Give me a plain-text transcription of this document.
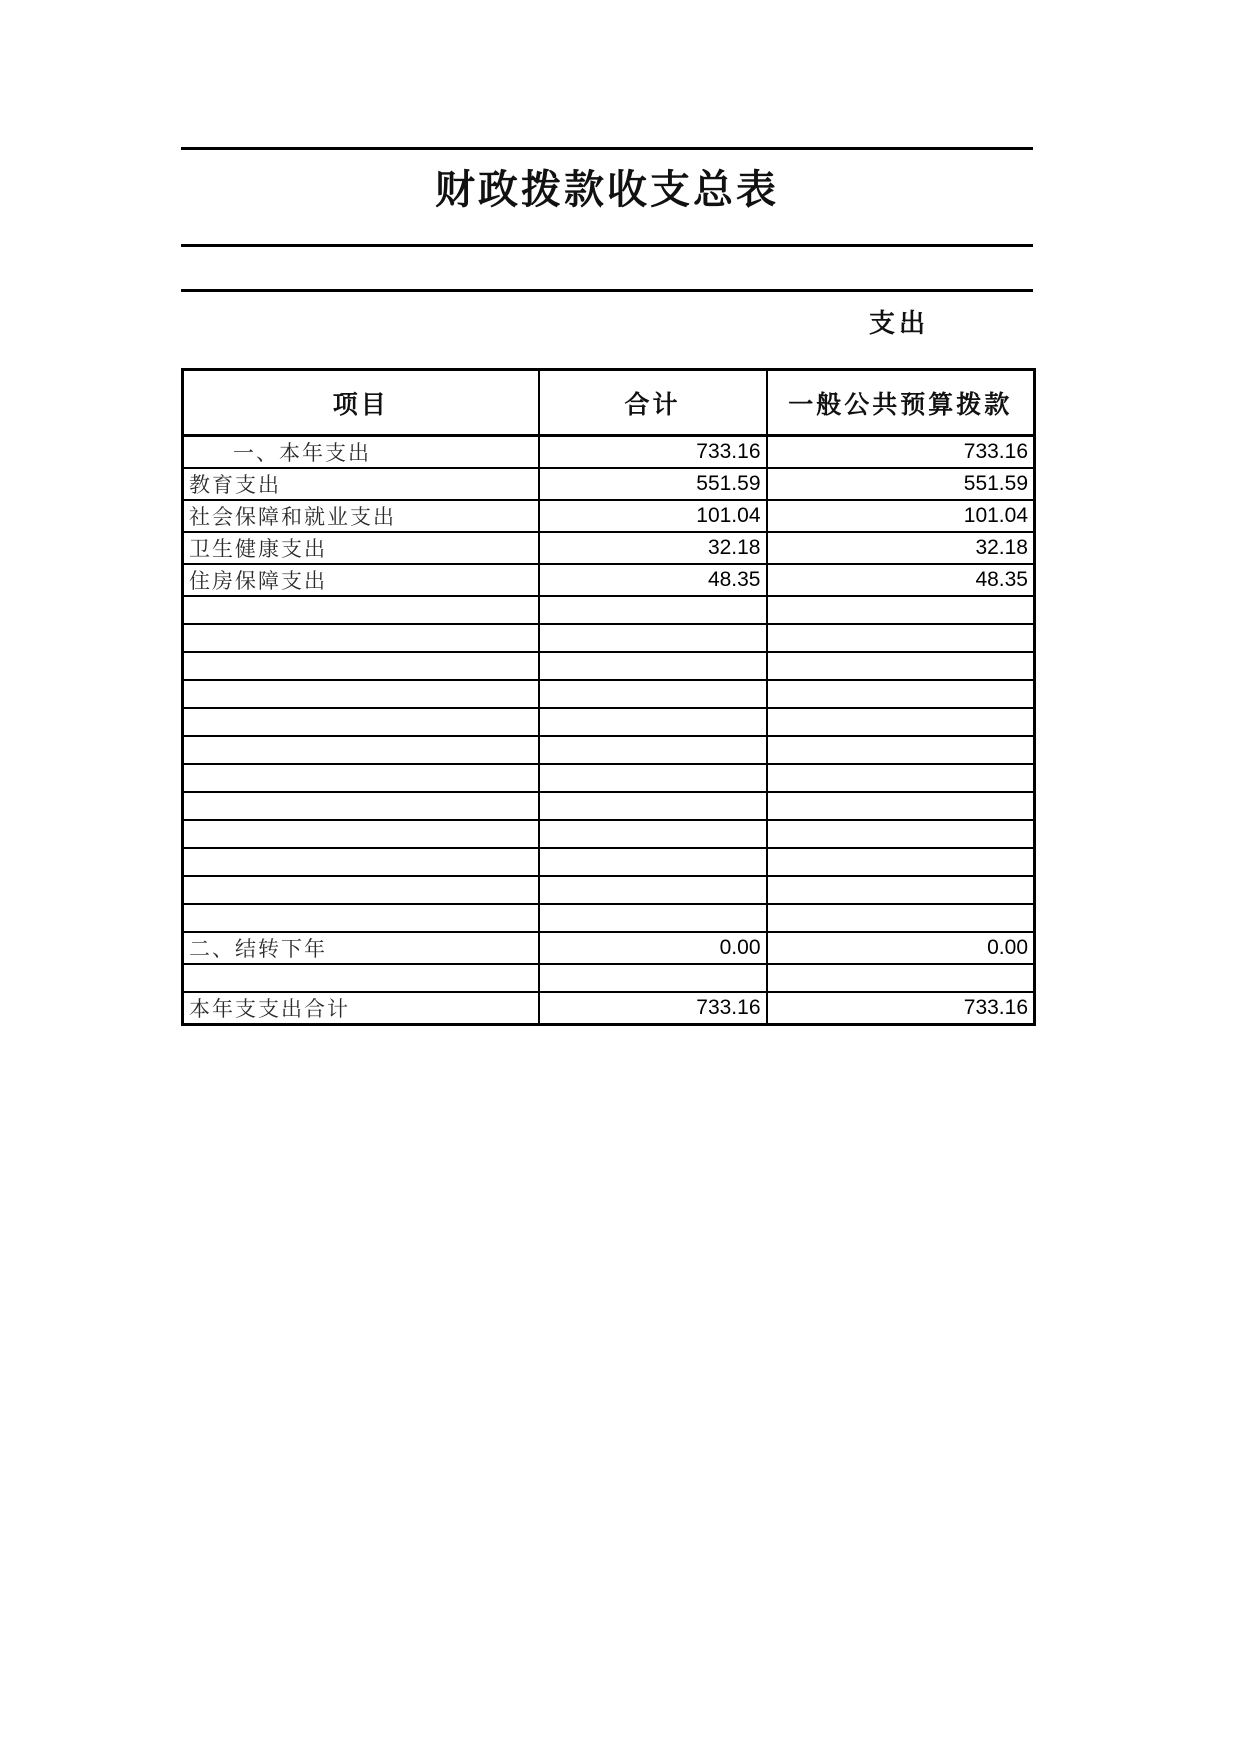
财政拨款收支总表
支出
项目	合计	一般公共预算拨款
一、本年支出	733.16	733.16
教育支出	551.59	551.59
社会保障和就业支出	101.04	101.04
卫生健康支出	32.18	32.18
住房保障支出	48.35	48.35

二、结转下年	0.00	0.00

本年支支出合计	733.16	733.16
